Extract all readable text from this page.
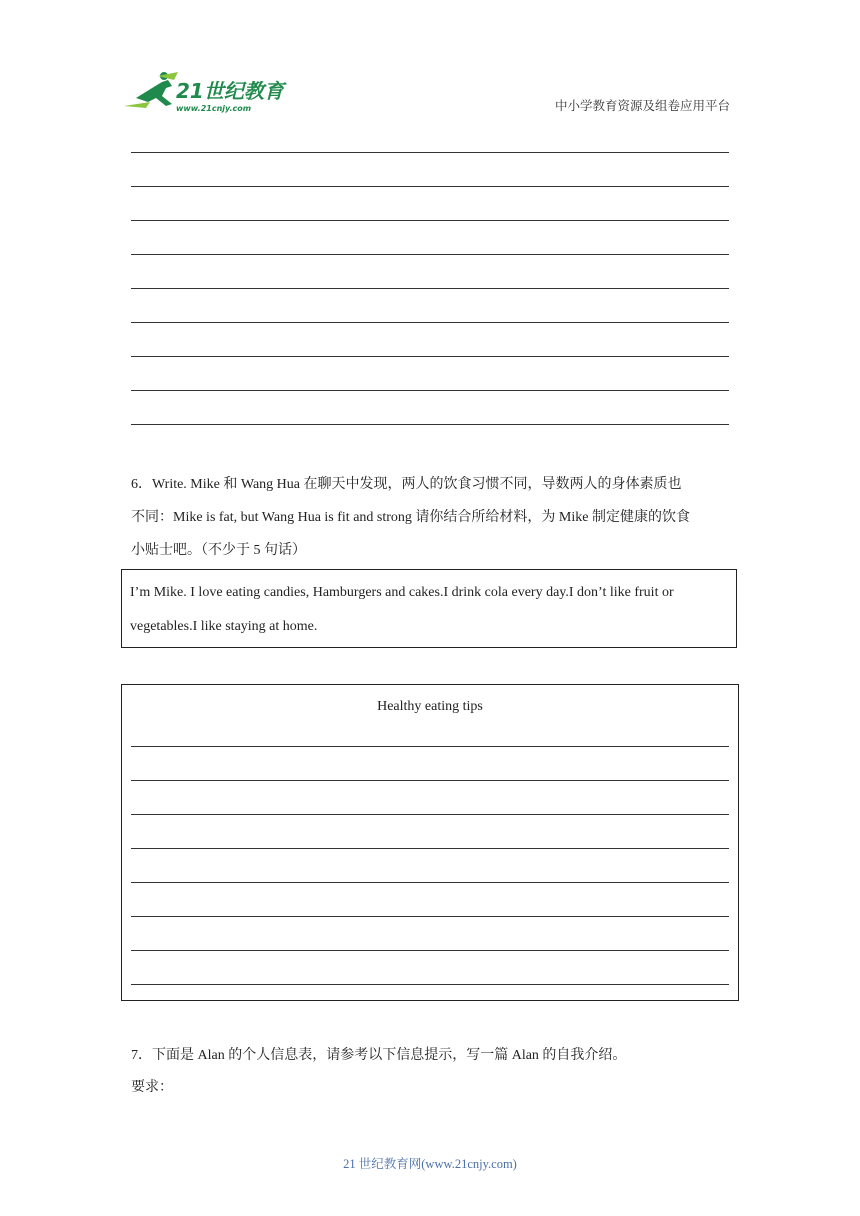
21世纪教育
www.21cnjy.com	中小学教育资源及组卷应用平台
6．Write. Mike 和 Wang Hua 在聊天中发现，两人的饮食习惯不同，导数两人的身体素质也
不同：Mike is fat, but Wang Hua is fit and strong 请你结合所给材料，为 Mike 制定健康的饮食
小贴士吧。（不少于 5 句话）

I’m Mike. I love eating candies, Hamburgers and cakes.I drink cola every day.I don’t like fruit or
vegetables.I like staying at home.

Healthy eating tips
7．下面是 Alan 的个人信息表，请参考以下信息提示，写一篇 Alan 的自我介绍。
要求：
21 世纪教育网(www.21cnjy.com)
